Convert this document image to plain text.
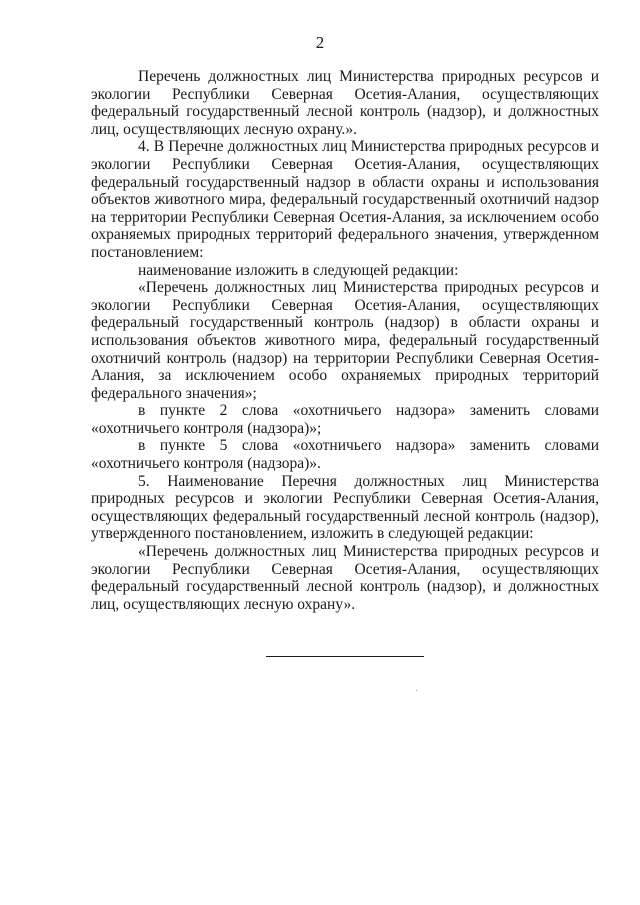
2

Перечень должностных лиц Министерства природных ресурсов и экологии Республики Северная Осетия-Алания, осуществляющих федеральный государственный лесной контроль (надзор), и должностных лиц, осуществляющих лесную охрану.».

4. В Перечне должностных лиц Министерства природных ресурсов и экологии Республики Северная Осетия-Алания, осуществляющих федеральный государственный надзор в области охраны и использования объектов животного мира, федеральный государственный охотничий надзор на территории Республики Северная Осетия-Алания, за исключением особо охраняемых природных территорий федерального значения, утвержденном постановлением:

наименование изложить в следующей редакции:

«Перечень должностных лиц Министерства природных ресурсов и экологии Республики Северная Осетия-Алания, осуществляющих федеральный государственный контроль (надзор) в области охраны и использования объектов животного мира, федеральный государственный охотничий контроль (надзор) на территории Республики Северная Осетия-Алания, за исключением особо охраняемых природных территорий федерального значения»;

в пункте 2 слова «охотничьего надзора» заменить словами «охотничьего контроля (надзора)»;

в пункте 5 слова «охотничьего надзора» заменить словами «охотничьего контроля (надзора)».

5. Наименование Перечня должностных лиц Министерства природных ресурсов и экологии Республики Северная Осетия-Алания, осуществляющих федеральный государственный лесной контроль (надзор), утвержденного постановлением, изложить в следующей редакции:

«Перечень должностных лиц Министерства природных ресурсов и экологии Республики Северная Осетия-Алания, осуществляющих федеральный государственный лесной контроль (надзор), и должностных лиц, осуществляющих лесную охрану».
